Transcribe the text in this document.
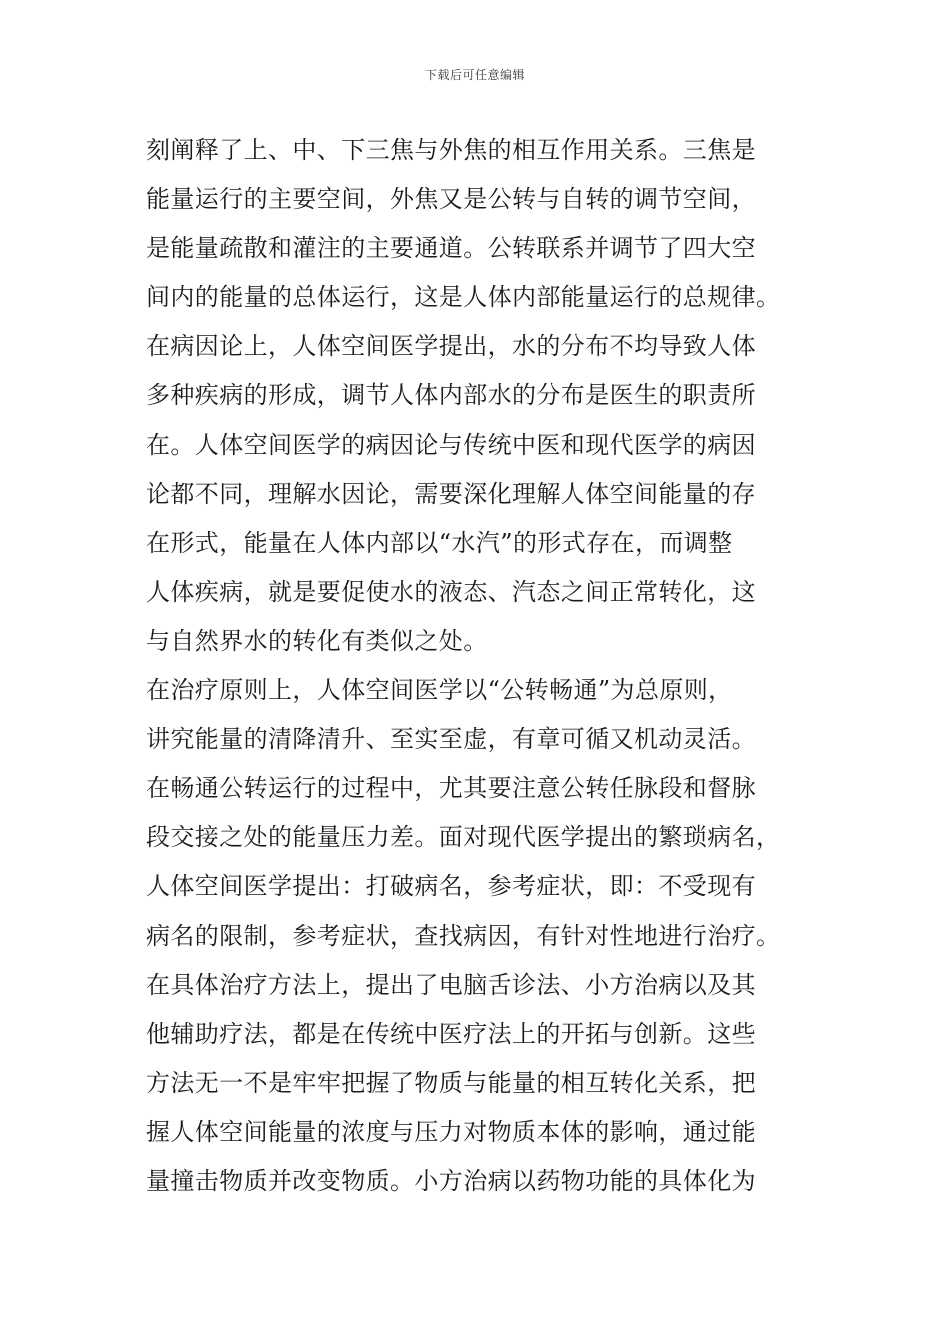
下载后可任意编辑
刻阐释了上、中、下三焦与外焦的相互作用关系。三焦是
能量运行的主要空间，外焦又是公转与自转的调节空间，
是能量疏散和灌注的主要通道。公转联系并调节了四大空
间内的能量的总体运行，这是人体内部能量运行的总规律。
在病因论上，人体空间医学提出，水的分布不均导致人体
多种疾病的形成，调节人体内部水的分布是医生的职责所
在。人体空间医学的病因论与传统中医和现代医学的病因
论都不同，理解水因论，需要深化理解人体空间能量的存
在形式，能量在人体内部以“水汽”的形式存在，而调整
人体疾病，就是要促使水的液态、汽态之间正常转化，这
与自然界水的转化有类似之处。
在治疗原则上，人体空间医学以“公转畅通”为总原则，
讲究能量的清降清升、至实至虚，有章可循又机动灵活。
在畅通公转运行的过程中，尤其要注意公转任脉段和督脉
段交接之处的能量压力差。面对现代医学提出的繁琐病名，
人体空间医学提出：打破病名，参考症状，即：不受现有
病名的限制，参考症状，查找病因，有针对性地进行治疗。
在具体治疗方法上，提出了电脑舌诊法、小方治病以及其
他辅助疗法，都是在传统中医疗法上的开拓与创新。这些
方法无一不是牢牢把握了物质与能量的相互转化关系，把
握人体空间能量的浓度与压力对物质本体的影响，通过能
量撞击物质并改变物质。小方治病以药物功能的具体化为
